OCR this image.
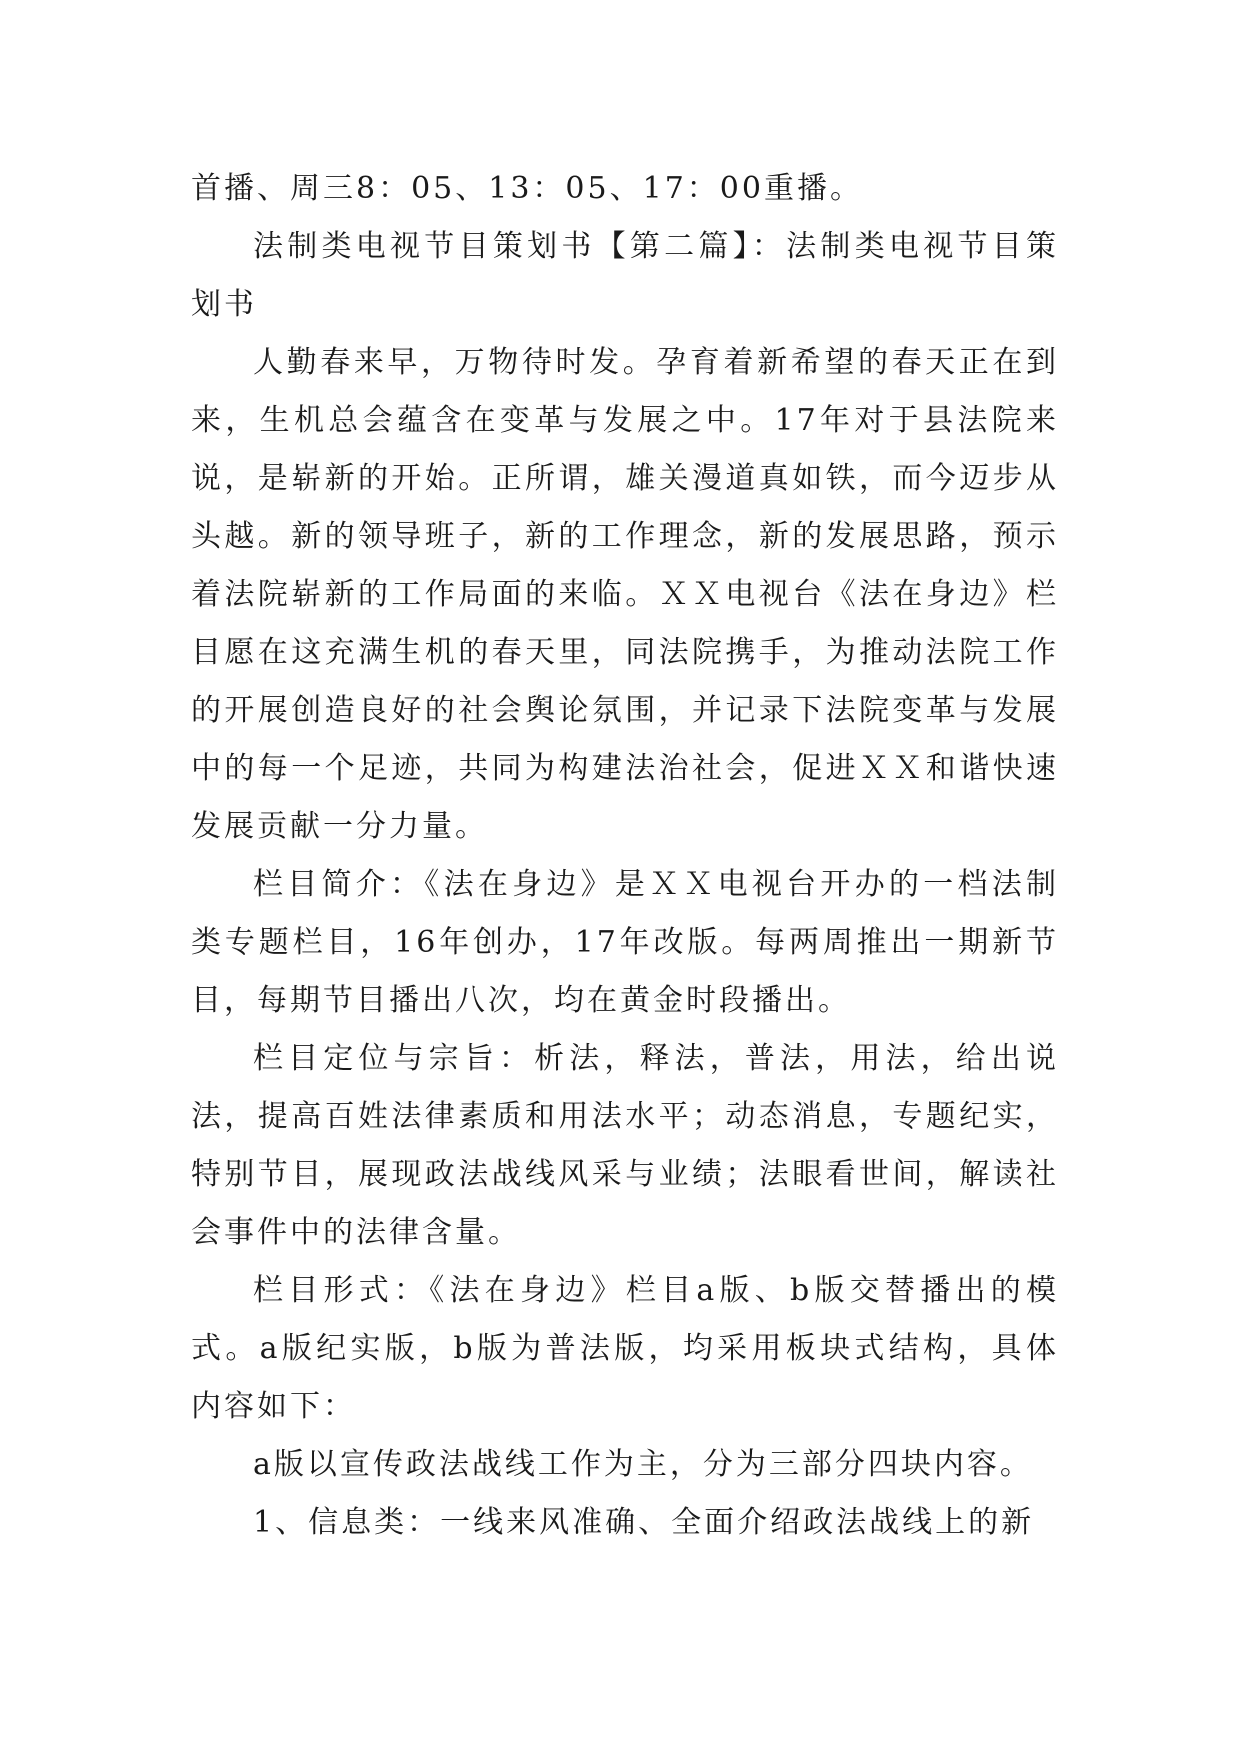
首播、周三8：05、13：05、17：00重播。

法制类电视节目策划书【第二篇】：法制类电视节目策划书

人勤春来早，万物待时发。孕育着新希望的春天正在到来，生机总会蕴含在变革与发展之中。17年对于县法院来说，是崭新的开始。正所谓，雄关漫道真如铁，而今迈步从头越。新的领导班子，新的工作理念，新的发展思路，预示着法院崭新的工作局面的来临。ＸＸ电视台《法在身边》栏目愿在这充满生机的春天里，同法院携手，为推动法院工作的开展创造良好的社会舆论氛围，并记录下法院变革与发展中的每一个足迹，共同为构建法治社会，促进ＸＸ和谐快速发展贡献一分力量。

栏目简介：《法在身边》是ＸＸ电视台开办的一档法制类专题栏目，16年创办，17年改版。每两周推出一期新节目，每期节目播出八次，均在黄金时段播出。

栏目定位与宗旨：析法，释法，普法，用法，给出说法，提高百姓法律素质和用法水平；动态消息，专题纪实，特别节目，展现政法战线风采与业绩；法眼看世间，解读社会事件中的法律含量。

栏目形式：《法在身边》栏目a版、b版交替播出的模式。a版纪实版，b版为普法版，均采用板块式结构，具体内容如下：

a版以宣传政法战线工作为主，分为三部分四块内容。

1、信息类：一线来风准确、全面介绍政法战线上的新
